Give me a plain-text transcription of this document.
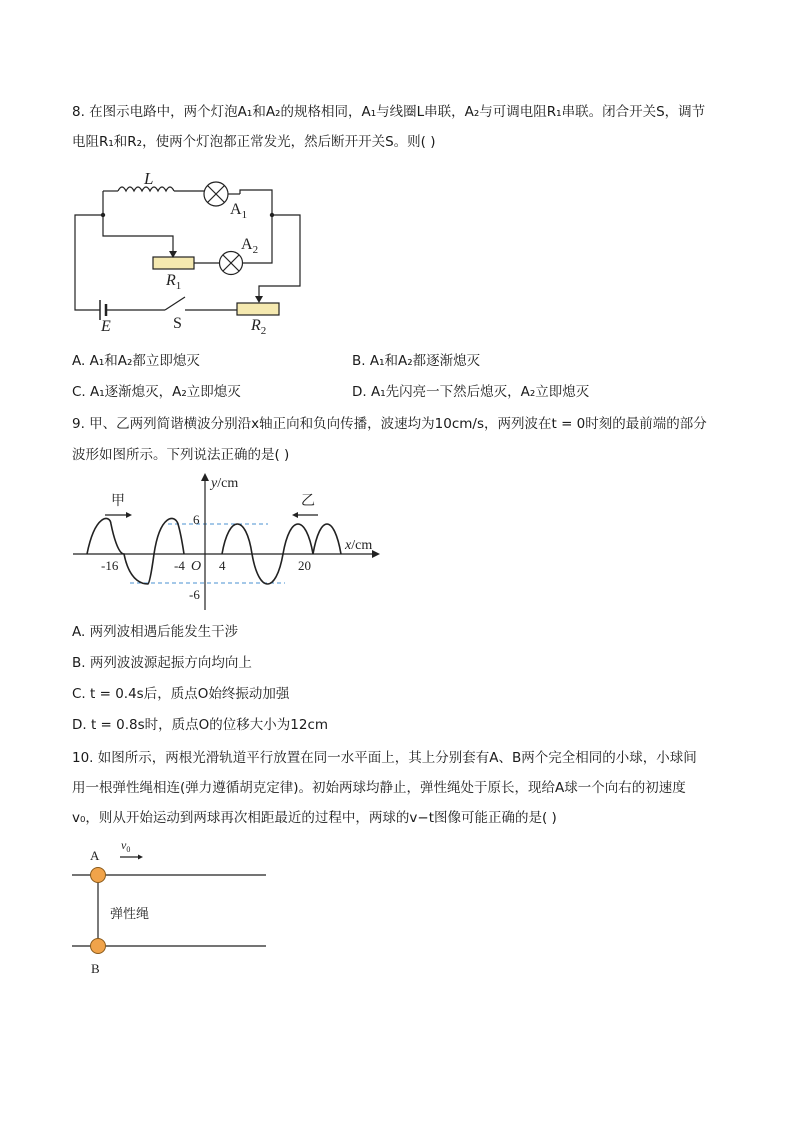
8. 在图示电路中，两个灯泡A₁和A₂的规格相同，A₁与线圈L串联，A₂与可调电阻R₁串联。闭合开关S，调节
电阻R₁和R₂，使两个灯泡都正常发光，然后断开开关S。则( )
L
$A_1$
$A_2$
$R_1$
$R_2$
E	S
A. A₁和A₂都立即熄灭	B. A₁和A₂都逐渐熄灭
C. A₁逐渐熄灭，A₂立即熄灭	D. A₁先闪亮一下然后熄灭，A₂立即熄灭
9. 甲、乙两列简谐横波分别沿x轴正向和负向传播，波速均为10cm/s，两列波在t = 0时刻的最前端的部分
波形如图所示。下列说法正确的是( )
y/cm
x/cm
甲	乙
6
-6
-16	-4 O 4	20
A. 两列波相遇后能发生干涉
B. 两列波波源起振方向均向上
C. t = 0.4s后，质点O始终振动加强
D. t = 0.8s时，质点O的位移大小为12cm
10. 如图所示，两根光滑轨道平行放置在同一水平面上，其上分别套有A、B两个完全相同的小球，小球间
用一根弹性绳相连(弹力遵循胡克定律)。初始两球均静止，弹性绳处于原长，现给A球一个向右的初速度
v₀，则从开始运动到两球再次相距最近的过程中，两球的v−t图像可能正确的是( )
A
B
$v_0$
弹性绳
